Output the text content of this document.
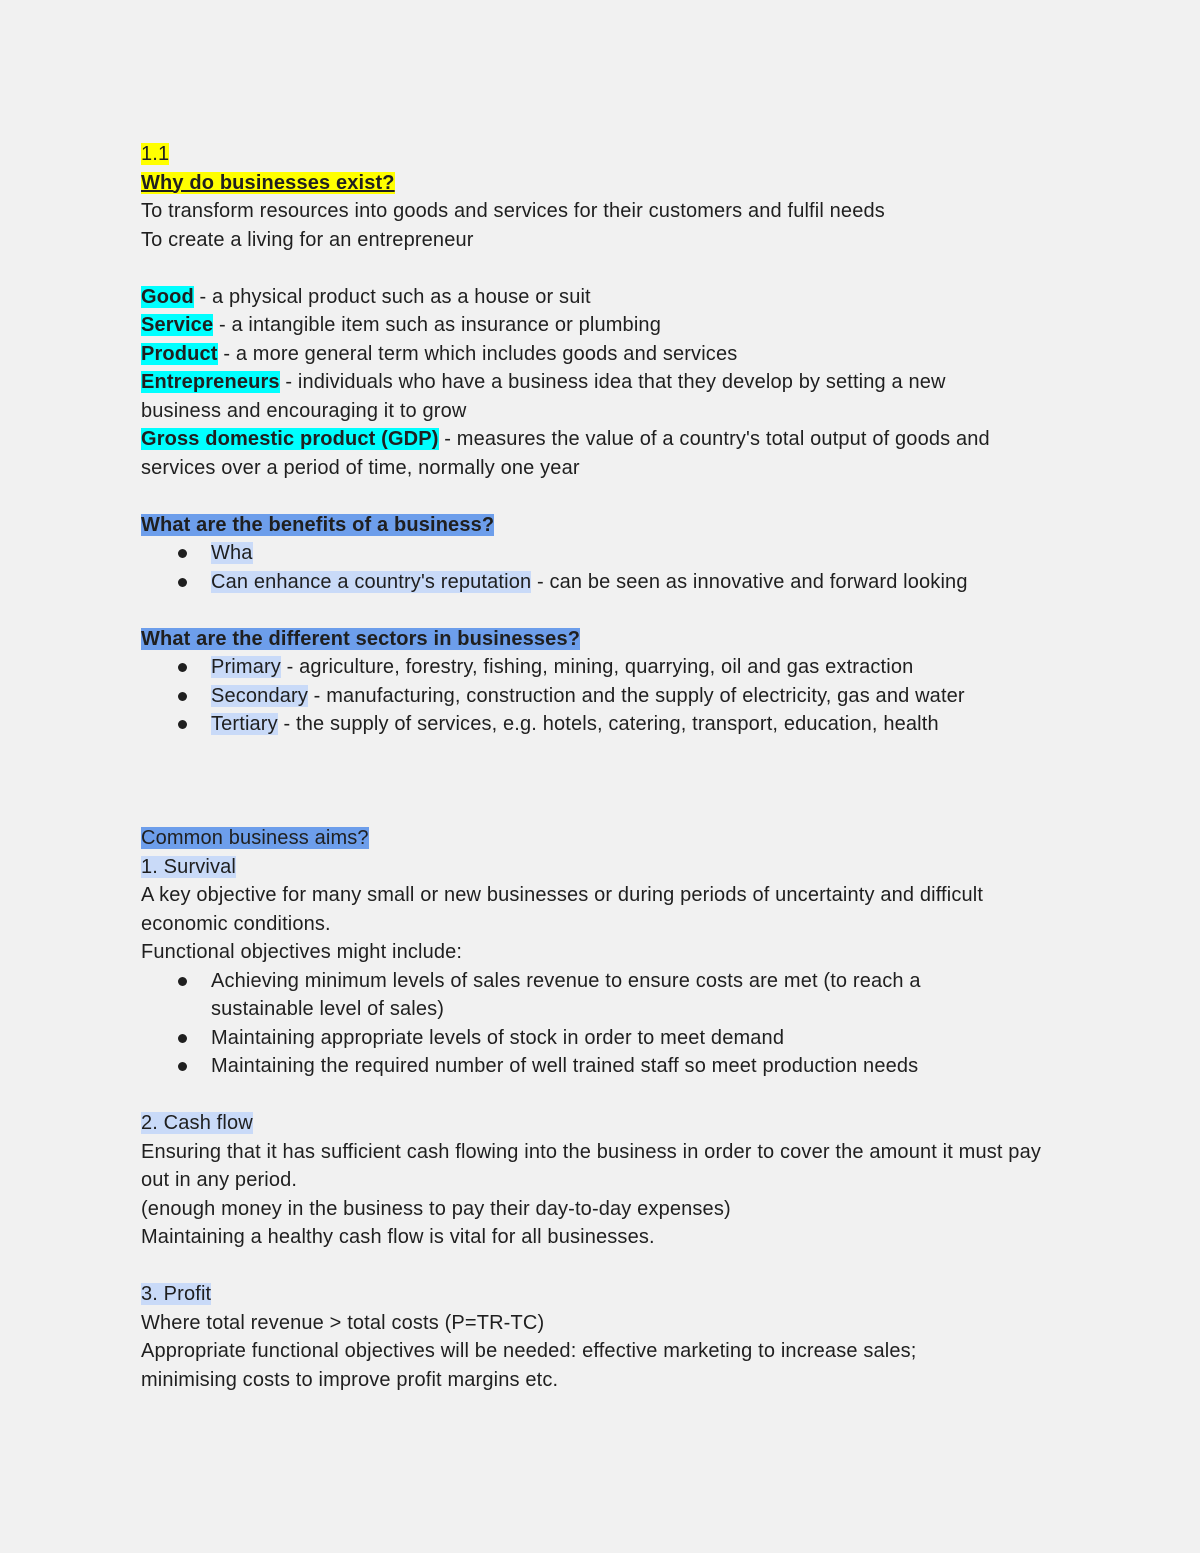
1.1

Why do businesses exist?

To transform resources into goods and services for their customers and fulfil needs

To create a living for an entrepreneur

Good - a physical product such as a house or suit

Service - a intangible item such as insurance or plumbing

Product - a more general term which includes goods and services

Entrepreneurs - individuals who have a business idea that they develop by setting a new business and encouraging it to grow

Gross domestic product (GDP) - measures the value of a country's total output of goods and services over a period of time, normally one year

What are the benefits of a business?

Wha
Can enhance a country's reputation - can be seen as innovative and forward looking

What are the different sectors in businesses?

Primary - agriculture, forestry, fishing, mining, quarrying, oil and gas extraction
Secondary - manufacturing, construction and the supply of electricity, gas and water
Tertiary - the supply of services, e.g. hotels, catering, transport, education, health

Common business aims?

1. Survival

A key objective for many small or new businesses or during periods of uncertainty and difficult economic conditions.

Functional objectives might include:

Achieving minimum levels of sales revenue to ensure costs are met (to reach a sustainable level of sales)
Maintaining appropriate levels of stock in order to meet demand
Maintaining the required number of well trained staff so meet production needs

2. Cash flow

Ensuring that it has sufficient cash flowing into the business in order to cover the amount it must pay out in any period.

(enough money in the business to pay their day-to-day expenses)

Maintaining a healthy cash flow is vital for all businesses.

3. Profit

Where total revenue > total costs (P=TR-TC)

Appropriate functional objectives will be needed: effective marketing to increase sales; minimising costs to improve profit margins etc.
